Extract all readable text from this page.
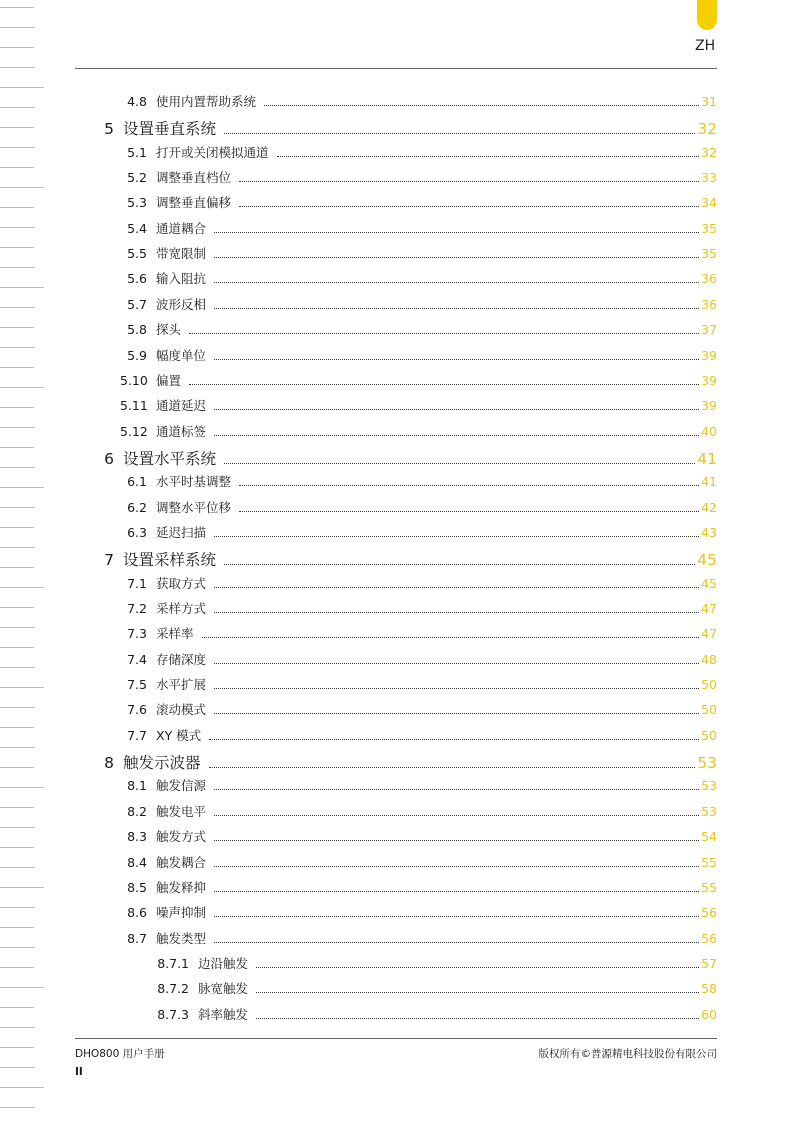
ZH
4.8 使用内置帮助系统	31
5 设置垂直系统	32
5.1 打开或关闭模拟通道	32
5.2 调整垂直档位	33
5.3 调整垂直偏移	34
5.4 通道耦合	35
5.5 带宽限制	35
5.6 输入阻抗	36
5.7 波形反相	36
5.8 探头	37
5.9 幅度单位	39
5.10 偏置	39
5.11 通道延迟	39
5.12 通道标签	40
6 设置水平系统	41
6.1 水平时基调整	41
6.2 调整水平位移	42
6.3 延迟扫描	43
7 设置采样系统	45
7.1 获取方式	45
7.2 采样方式	47
7.3 采样率	47
7.4 存储深度	48
7.5 水平扩展	50
7.6 滚动模式	50
7.7 XY 模式	50
8 触发示波器	53
8.1 触发信源	53
8.2 触发电平	53
8.3 触发方式	54
8.4 触发耦合	55
8.5 触发释抑	55
8.6 噪声抑制	56
8.7 触发类型	56
8.7.1 边沿触发	57
8.7.2 脉宽触发	58
8.7.3 斜率触发	60
DHO800 用户手册	版权所有©普源精电科技股份有限公司
II
